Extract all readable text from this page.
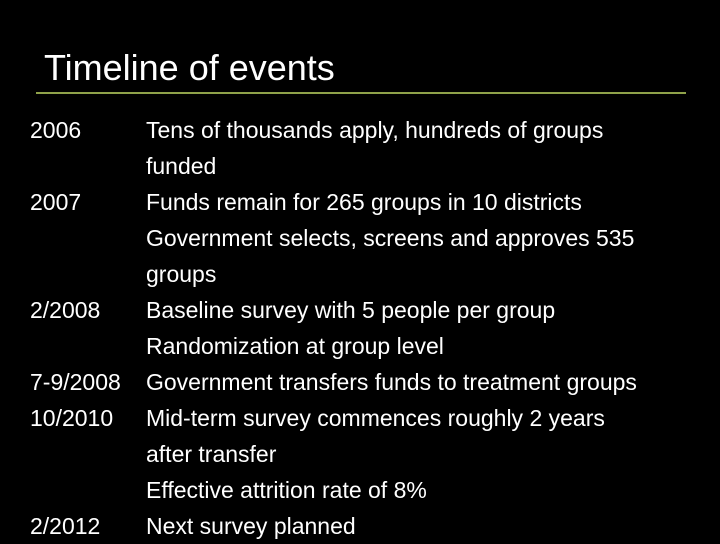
Timeline of events
2006	Tens of thousands apply, hundreds of groups
funded
2007	Funds remain for 265 groups in 10 districts
Government selects, screens and approves 535
groups
2/2008	Baseline survey with 5 people per group
Randomization at group level
7-9/2008	Government transfers funds to treatment groups
10/2010	Mid-term survey commences roughly 2 years
after transfer
Effective attrition rate of 8%
2/2012	Next survey planned
